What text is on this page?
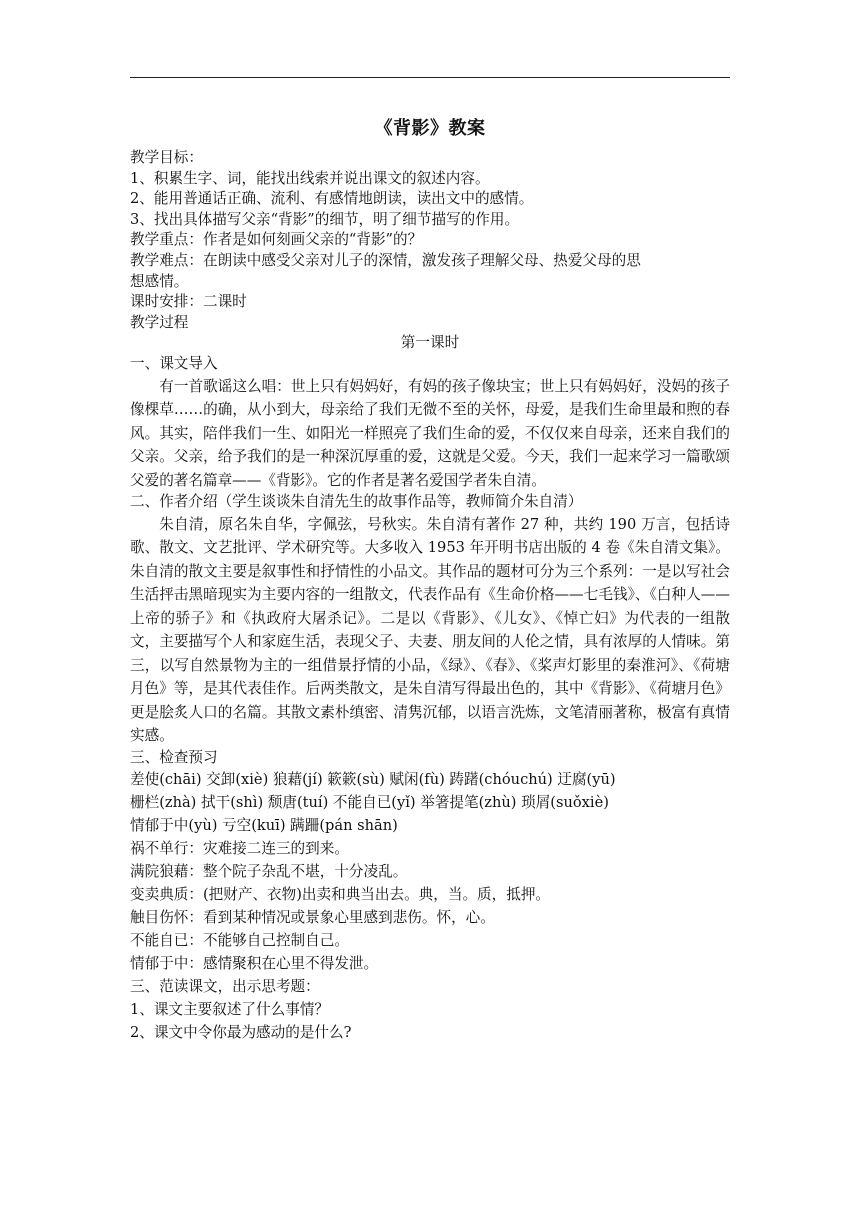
《背影》教案
教学目标：
1、积累生字、词，能找出线索并说出课文的叙述内容。
2、能用普通话正确、流利、有感情地朗读，读出文中的感情。
3、找出具体描写父亲“背影”的细节，明了细节描写的作用。
教学重点：作者是如何刻画父亲的“背影”的？
教学难点：在朗读中感受父亲对儿子的深情，激发孩子理解父母、热爱父母的思
想感情。
课时安排：二课时
教学过程
第一课时
一、课文导入
有一首歌谣这么唱：世上只有妈妈好，有妈的孩子像块宝；世上只有妈妈好，没妈的孩子像棵草……的确，从小到大，母亲给了我们无微不至的关怀，母爱，是我们生命里最和煦的春风。其实，陪伴我们一生、如阳光一样照亮了我们生命的爱，不仅仅来自母亲，还来自我们的父亲。父亲，给予我们的是一种深沉厚重的爱，这就是父爱。今天，我们一起来学习一篇歌颂父爱的著名篇章——《背影》。它的作者是著名爱国学者朱自清。
二、作者介绍（学生谈谈朱自清先生的故事作品等，教师简介朱自清）
朱自清，原名朱自华，字佩弦，号秋实。朱自清有著作 27 种，共约 190 万言，包括诗歌、散文、文艺批评、学术研究等。大多收入 1953 年开明书店出版的 4 卷《朱自清文集》。朱自清的散文主要是叙事性和抒情性的小品文。其作品的题材可分为三个系列：一是以写社会生活抨击黑暗现实为主要内容的一组散文，代表作品有《生命价格——七毛钱》、《白种人——上帝的骄子》和《执政府大屠杀记》。二是以《背影》、《儿女》、《悼亡妇》为代表的一组散文，主要描写个人和家庭生活，表现父子、夫妻、朋友间的人伦之情，具有浓厚的人情味。第三，以写自然景物为主的一组借景抒情的小品，《绿》、《春》、《桨声灯影里的秦淮河》、《荷塘月色》等，是其代表佳作。后两类散文，是朱自清写得最出色的，其中《背影》、《荷塘月色》更是脍炙人口的名篇。其散文素朴缜密、清隽沉郁，以语言洗炼，文笔清丽著称，极富有真情实感。
三、检查预习
差使(chāi) 交卸(xiè) 狼藉(jí) 簌簌(sù) 赋闲(fù) 踌躇(chóuchú) 迂腐(yū)
栅栏(zhà) 拭干(shì) 颓唐(tuí) 不能自已(yǐ) 举箸提笔(zhù) 琐屑(suǒxiè)
情郁于中(yù) 亏空(kuī) 蹒跚(pán shān)
祸不单行：灾难接二连三的到来。
满院狼藉：整个院子杂乱不堪，十分凌乱。
变卖典质：(把财产、衣物)出卖和典当出去。典，当。质，抵押。
触目伤怀：看到某种情况或景象心里感到悲伤。怀，心。
不能自已：不能够自己控制自己。
情郁于中：感情聚积在心里不得发泄。
三、范读课文，出示思考题：
1、课文主要叙述了什么事情？
2、课文中令你最为感动的是什么?
